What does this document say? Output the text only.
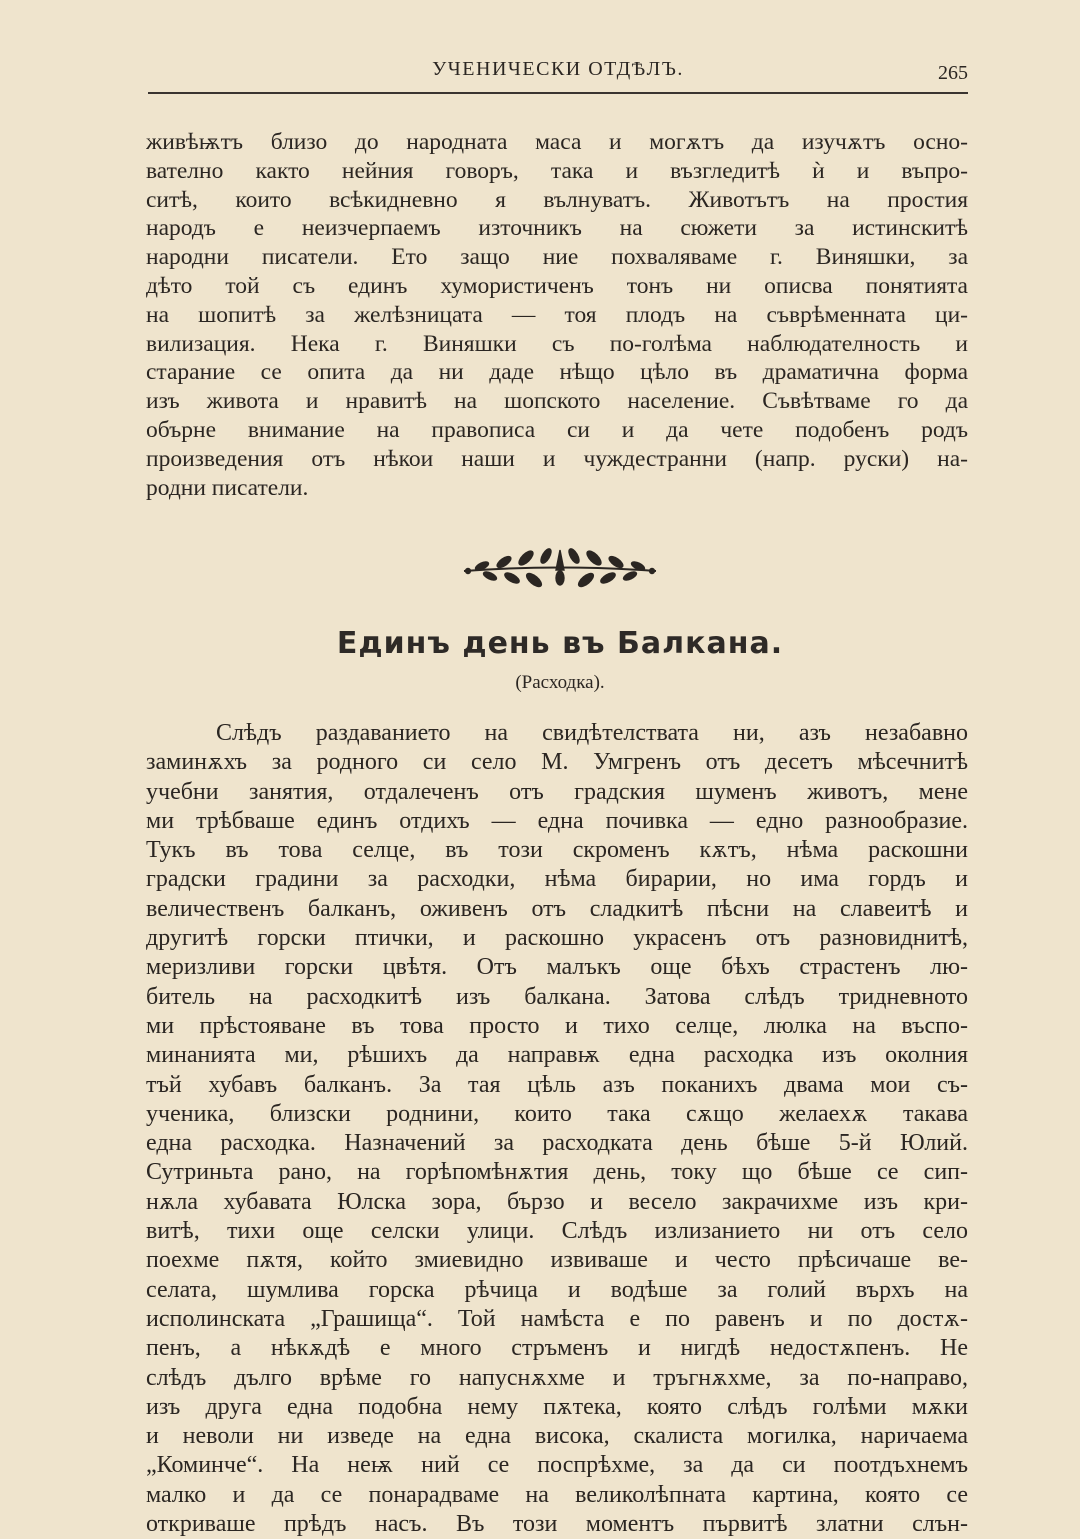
УЧЕНИЧЕСКИ ОТДѢЛЪ.	265
живѣѭтъ близо до народната маса и могѫтъ да изучѫтъ осно-
вателно както нейния говоръ, така и възгледитѣ ѝ и въпро-
ситѣ, които всѣкидневно я вълнуватъ. Животътъ на простия
народъ е неизчерпаемъ източникъ на сюжети за истинскитѣ
народни писатели. Ето защо ние похваляваме г. Виняшки, за
дѣто той съ единъ хумористиченъ тонъ ни описва понятията
на шопитѣ за желѣзницата — тоя плодъ на съврѣменната ци-
вилизация. Нека г. Виняшки съ по-голѣма наблюдателность и
старание се опита да ни даде нѣщо цѣло въ драматична форма
изъ живота и нравитѣ на шопското население. Съвѣтваме го да
обърне внимание на правописа си и да чете подобенъ родъ
произведения отъ нѣкои наши и чуждестранни (напр. руски) на-
родни писатели.
Единъ день въ Балкана.
(Расходка).
Слѣдъ раздаванието на свидѣтелствата ни, азъ незабавно
заминѫхъ за родного си село М. Умгренъ отъ десетъ мѣсечнитѣ
учебни занятия, отдалеченъ отъ градския шуменъ животъ, мене
ми трѣбваше единъ отдихъ — една почивка — едно разнообразие.
Тукъ въ това селце, въ този скроменъ кѫтъ, нѣма раскошни
градски градини за расходки, нѣма бирарии, но има гордъ и
величественъ балканъ, оживенъ отъ сладкитѣ пѣсни на славеитѣ и
другитѣ горски птички, и раскошно украсенъ отъ разновиднитѣ,
меризливи горски цвѣтя. Отъ малъкъ още бѣхъ страстенъ лю-
битель на расходкитѣ изъ балкана. Затова слѣдъ тридневното
ми прѣстояване въ това просто и тихо селце, люлка на въспо-
минанията ми, рѣшихъ да направѭ една расходка изъ околния
тъй хубавъ балканъ. За тая цѣль азъ поканихъ двама мои съ-
ученика, близски роднини, които така сѫщо желаехѫ такава
една расходка. Назначений за расходката день бѣше 5-й Юлий.
Сутриньта рано, на горѣпомѣнѫтия день, току що бѣше се сип-
нѫла хубавата Юлска зора, бързо и весело закрачихме изъ кри-
витѣ, тихи още селски улици. Слѣдъ излизанието ни отъ село
поехме пѫтя, който змиевидно извиваше и често прѣсичаше ве-
селата, шумлива горска рѣчица и водѣше за голий върхъ на
исполинската „Грашища“. Той намѣста е по равенъ и по достѫ-
пенъ, а нѣкѫдѣ е много стръменъ и нигдѣ недостѫпенъ. Не
слѣдъ дълго врѣме го напуснѫхме и тръгнѫхме, за по-направо,
изъ друга една подобна нему пѫтека, която слѣдъ голѣми мѫки
и неволи ни изведе на една висока, скалиста могилка, наричаема
„Коминче“. На неѭ ний се поспрѣхме, за да си поотдъхнемъ
малко и да се понарадваме на великолѣпната картина, която се
откриваше прѣдъ насъ. Въ този моментъ първитѣ златни слън-
